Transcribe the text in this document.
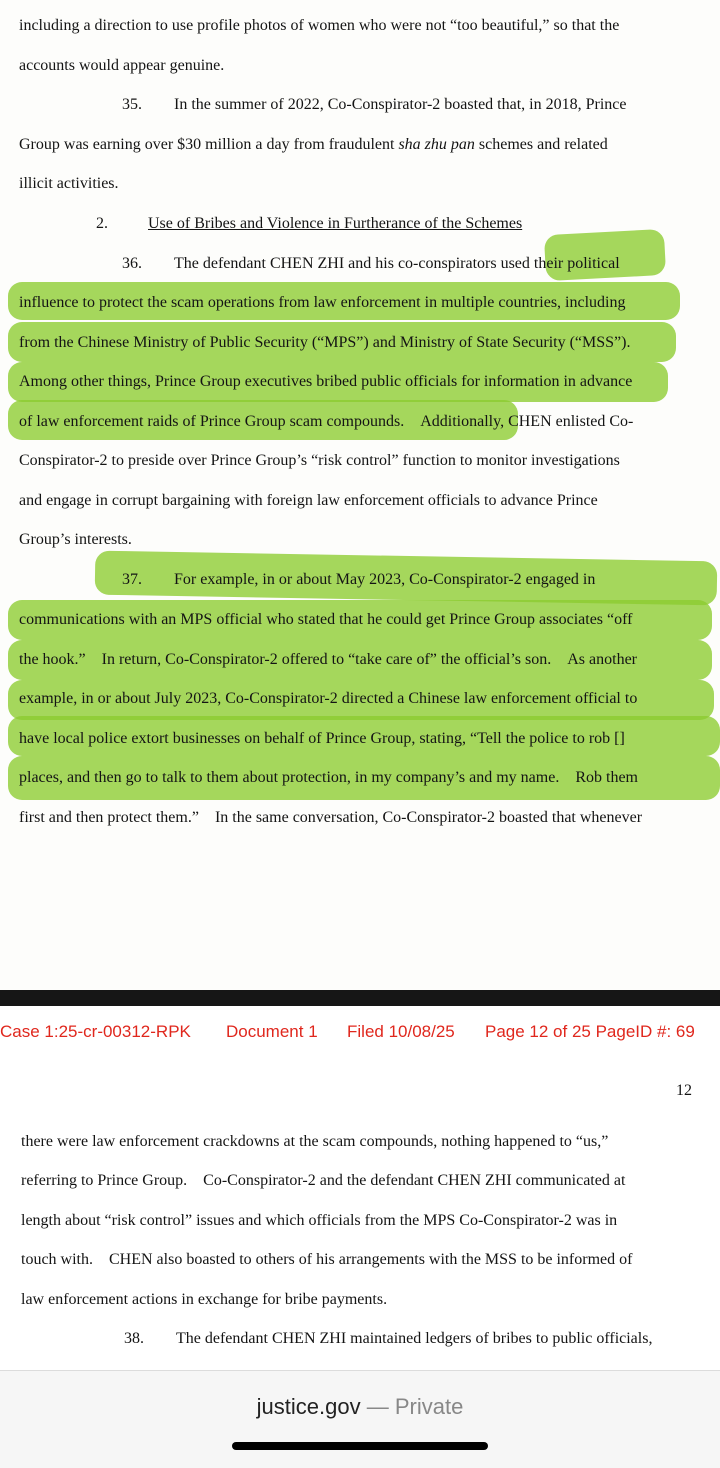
including a direction to use profile photos of women who were not “too beautiful,” so that the
accounts would appear genuine.
35.  In the summer of 2022, Co-Conspirator-2 boasted that, in 2018, Prince
Group was earning over $30 million a day from fraudulent sha zhu pan schemes and related
illicit activities.
2.	Use of Bribes and Violence in Furtherance of the Schemes
36.  The defendant CHEN ZHI and his co-conspirators used their political
influence to protect the scam operations from law enforcement in multiple countries, including
from the Chinese Ministry of Public Security (“MPS”) and Ministry of State Security (“MSS”).
Among other things, Prince Group executives bribed public officials for information in advance
of law enforcement raids of Prince Group scam compounds. Additionally, CHEN enlisted Co-
Conspirator-2 to preside over Prince Group’s “risk control” function to monitor investigations
and engage in corrupt bargaining with foreign law enforcement officials to advance Prince
Group’s interests.
37.  For example, in or about May 2023, Co-Conspirator-2 engaged in
communications with an MPS official who stated that he could get Prince Group associates “off
the hook.” In return, Co-Conspirator-2 offered to “take care of” the official’s son. As another
example, in or about July 2023, Co-Conspirator-2 directed a Chinese law enforcement official to
have local police extort businesses on behalf of Prince Group, stating, “Tell the police to rob []
places, and then go to talk to them about protection, in my company’s and my name. Rob them
first and then protect them.” In the same conversation, Co-Conspirator-2 boasted that whenever
Case 1:25-cr-00312-RPK Document 1 Filed 10/08/25 Page 12 of 25 PageID #: 69
12
there were law enforcement crackdowns at the scam compounds, nothing happened to “us,”
referring to Prince Group. Co-Conspirator-2 and the defendant CHEN ZHI communicated at
length about “risk control” issues and which officials from the MPS Co-Conspirator-2 was in
touch with. CHEN also boasted to others of his arrangements with the MSS to be informed of
law enforcement actions in exchange for bribe payments.
38.  The defendant CHEN ZHI maintained ledgers of bribes to public officials,
justice.gov — Private
